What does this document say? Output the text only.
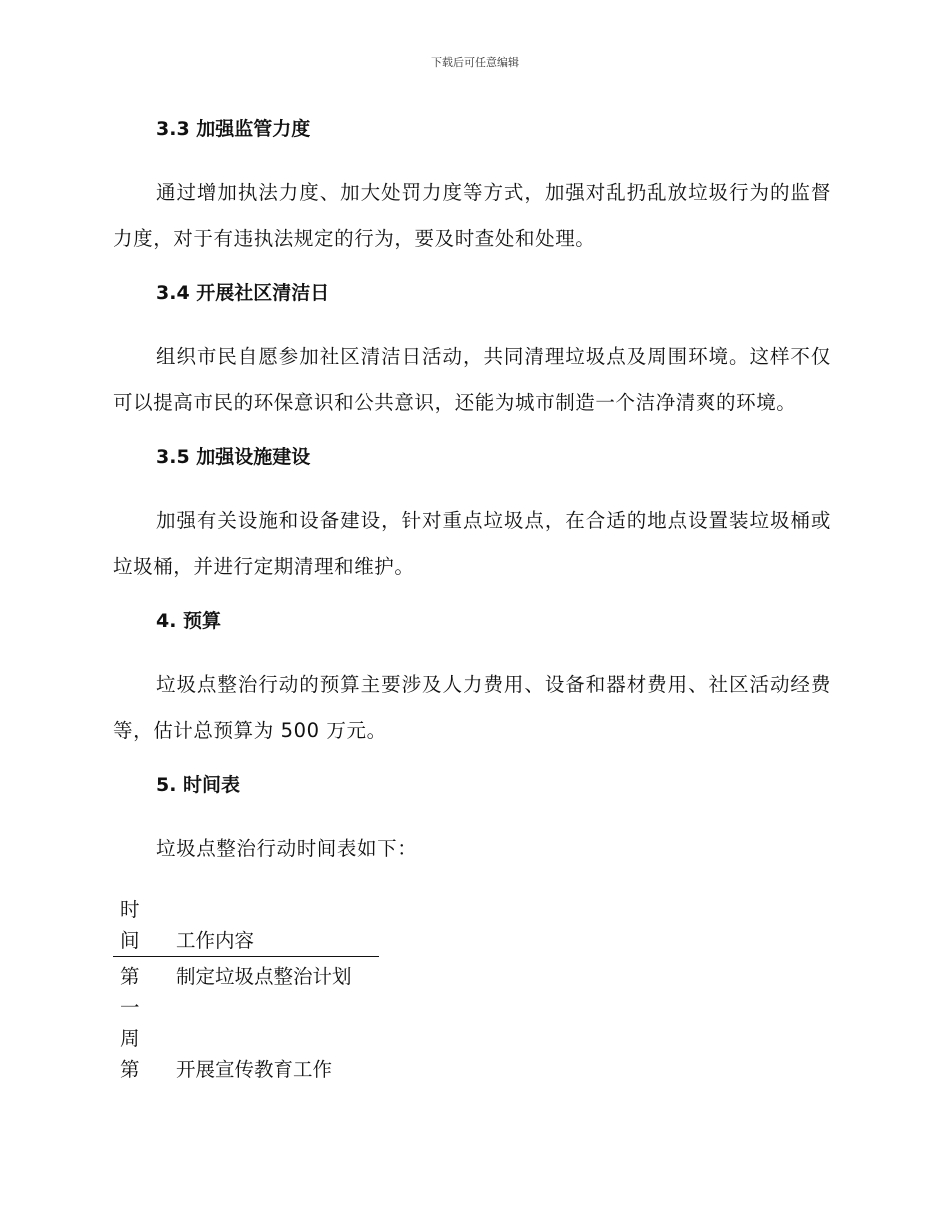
下载后可任意编辑
3.3 加强监管力度

通过增加执法力度、加大处罚力度等方式，加强对乱扔乱放垃圾行为的监督力度，对于有违执法规定的行为，要及时查处和处理。

3.4 开展社区清洁日

组织市民自愿参加社区清洁日活动，共同清理垃圾点及周围环境。这样不仅可以提高市民的环保意识和公共意识，还能为城市制造一个洁净清爽的环境。

3.5 加强设施建设

加强有关设施和设备建设，针对重点垃圾点，在合适的地点设置装垃圾桶或垃圾桶，并进行定期清理和维护。

4. 预算

垃圾点整治行动的预算主要涉及人力费用、设备和器材费用、社区活动经费等，估计总预算为 500 万元。

5. 时间表

垃圾点整治行动时间表如下：

时间	工作内容
第一周	制定垃圾点整治计划
第	开展宣传教育工作
